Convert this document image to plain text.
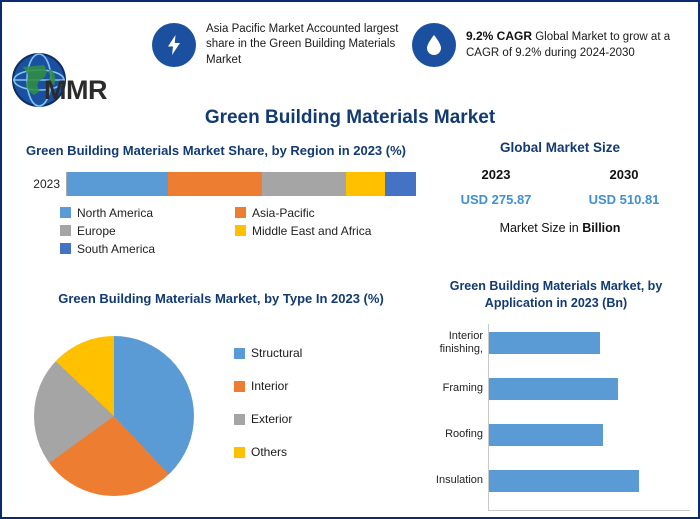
MMR
Asia Pacific Market Accounted largest share in the Green Building Materials Market
9.2% CAGR Global Market to grow at a CAGR of 9.2% during 2024-2030
Green Building Materials Market
Green Building Materials Market Share, by Region in 2023 (%)
2023
North America	Asia-Pacific
Europe	Middle East and Africa
South America
Global Market Size
2023	2030
USD 275.87	USD 510.81
Market Size in Billion
Green Building Materials Market, by Type In 2023 (%)
Structural
Interior
Exterior
Others
Green Building Materials Market, by Application in 2023 (Bn)
Interior finishing,
Framing
Roofing
Insulation
